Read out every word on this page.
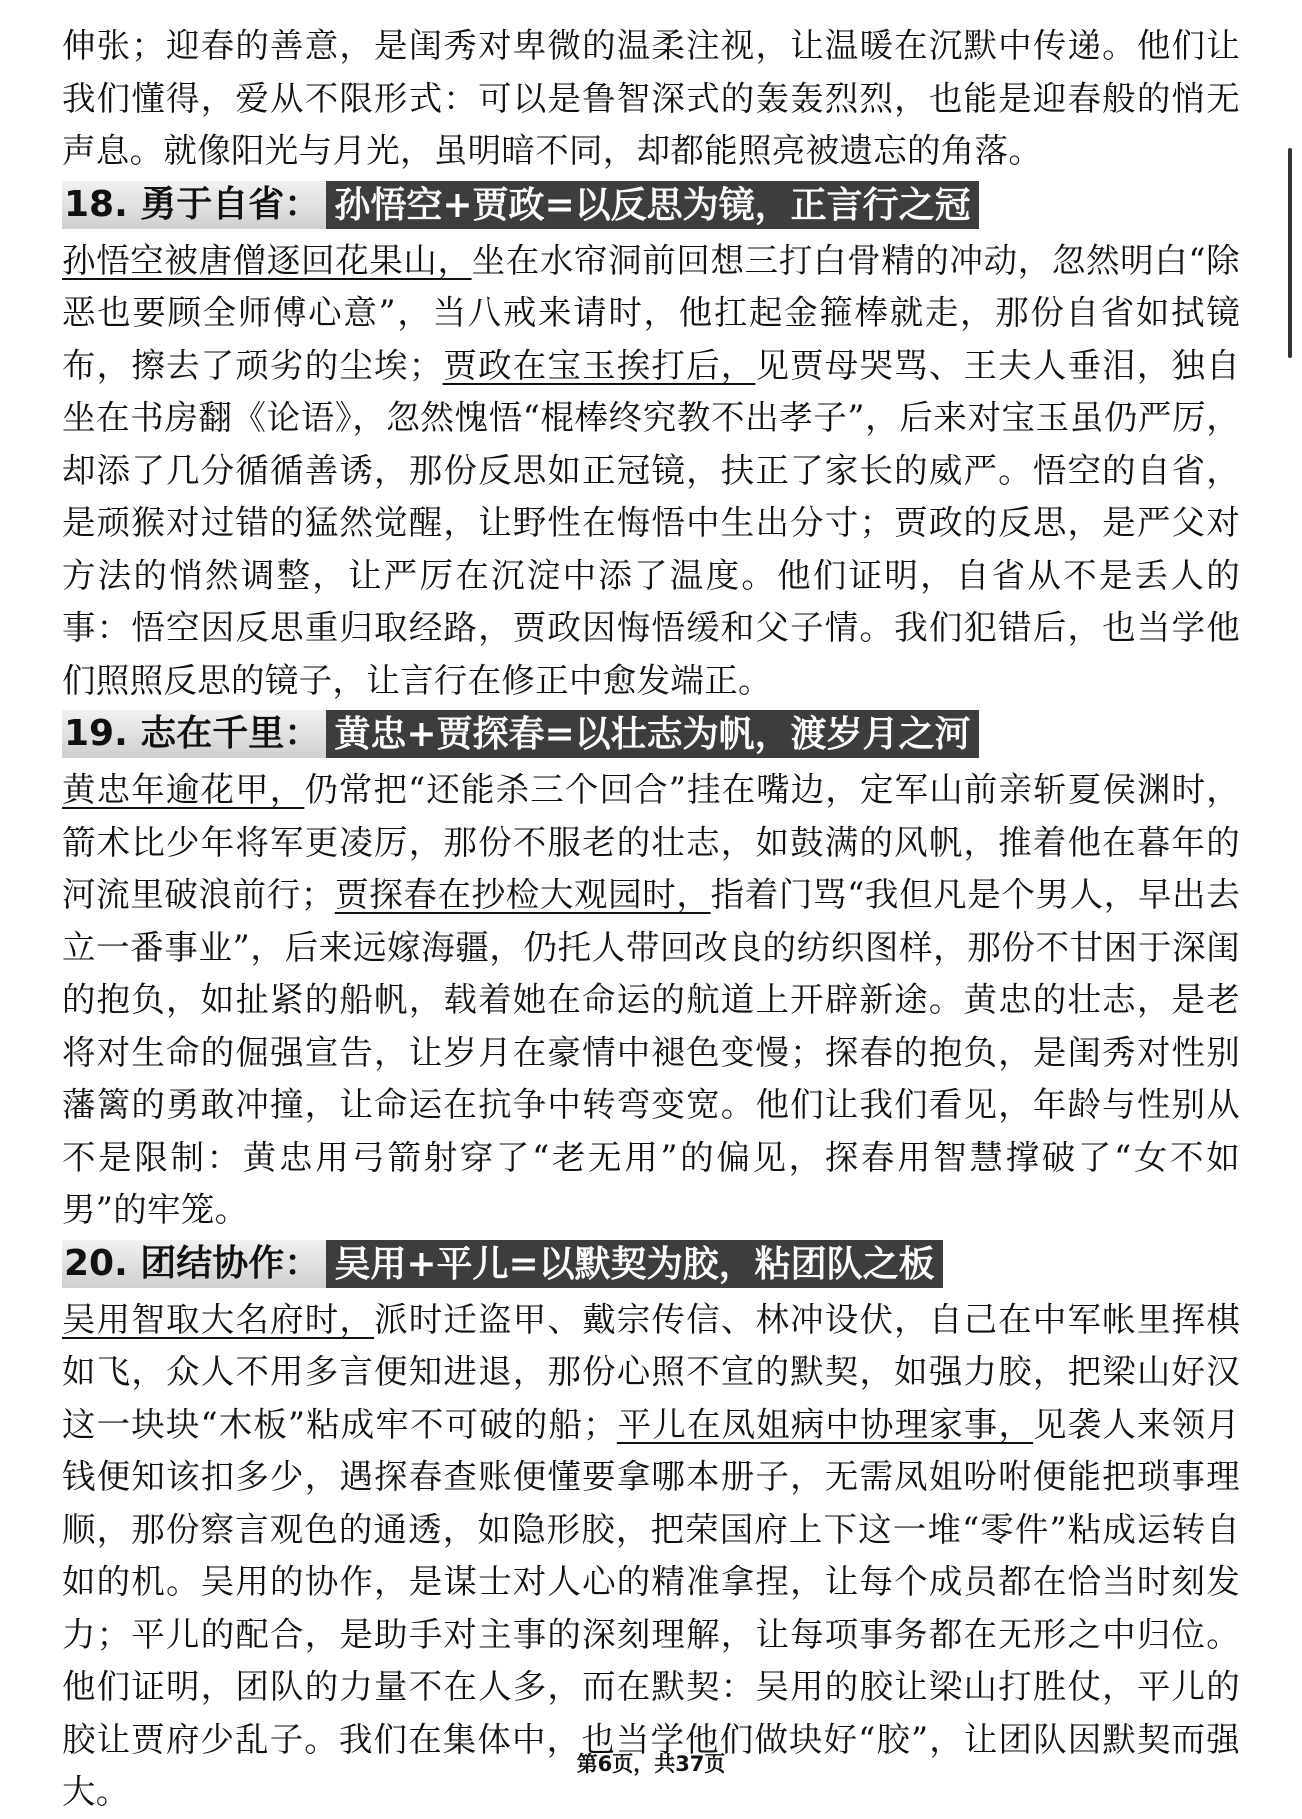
伸张；迎春的善意，是闺秀对卑微的温柔注视，让温暖在沉默中传递。他们让我们懂得，爱从不限形式：可以是鲁智深式的轰轰烈烈，也能是迎春般的悄无声息。就像阳光与月光，虽明暗不同，却都能照亮被遗忘的角落。

18. 勇于自省： 孙悟空+贾政=以反思为镜，正言行之冠

孙悟空被唐僧逐回花果山，坐在水帘洞前回想三打白骨精的冲动，忽然明白“除恶也要顾全师傅心意”，当八戒来请时，他扛起金箍棒就走，那份自省如拭镜布，擦去了顽劣的尘埃；贾政在宝玉挨打后，见贾母哭骂、王夫人垂泪，独自坐在书房翻《论语》，忽然愧悟“棍棒终究教不出孝子”，后来对宝玉虽仍严厉，却添了几分循循善诱，那份反思如正冠镜，扶正了家长的威严。悟空的自省，是顽猴对过错的猛然觉醒，让野性在悔悟中生出分寸；贾政的反思，是严父对方法的悄然调整，让严厉在沉淀中添了温度。他们证明，自省从不是丢人的事：悟空因反思重归取经路，贾政因悔悟缓和父子情。我们犯错后，也当学他们照照反思的镜子，让言行在修正中愈发端正。

19. 志在千里： 黄忠+贾探春=以壮志为帆，渡岁月之河

黄忠年逾花甲，仍常把“还能杀三个回合”挂在嘴边，定军山前亲斩夏侯渊时，箭术比少年将军更凌厉，那份不服老的壮志，如鼓满的风帆，推着他在暮年的河流里破浪前行；贾探春在抄检大观园时，指着门骂“我但凡是个男人，早出去立一番事业”，后来远嫁海疆，仍托人带回改良的纺织图样，那份不甘困于深闺的抱负，如扯紧的船帆，载着她在命运的航道上开辟新途。黄忠的壮志，是老将对生命的倔强宣告，让岁月在豪情中褪色变慢；探春的抱负，是闺秀对性别藩篱的勇敢冲撞，让命运在抗争中转弯变宽。他们让我们看见，年龄与性别从不是限制：黄忠用弓箭射穿了“老无用”的偏见，探春用智慧撑破了“女不如男”的牢笼。

20. 团结协作： 吴用+平儿=以默契为胶，粘团队之板

吴用智取大名府时，派时迁盗甲、戴宗传信、林冲设伏，自己在中军帐里挥棋如飞，众人不用多言便知进退，那份心照不宣的默契，如强力胶，把梁山好汉这一块块“木板”粘成牢不可破的船；平儿在凤姐病中协理家事，见袭人来领月钱便知该扣多少，遇探春查账便懂要拿哪本册子，无需凤姐吩咐便能把琐事理顺，那份察言观色的通透，如隐形胶，把荣国府上下这一堆“零件”粘成运转自如的机。吴用的协作，是谋士对人心的精准拿捏，让每个成员都在恰当时刻发力；平儿的配合，是助手对主事的深刻理解，让每项事务都在无形之中归位。他们证明，团队的力量不在人多，而在默契：吴用的胶让梁山打胜仗，平儿的胶让贾府少乱子。我们在集体中，也当学他们做块好“胶”，让团队因默契而强大。

第6页，共37页
